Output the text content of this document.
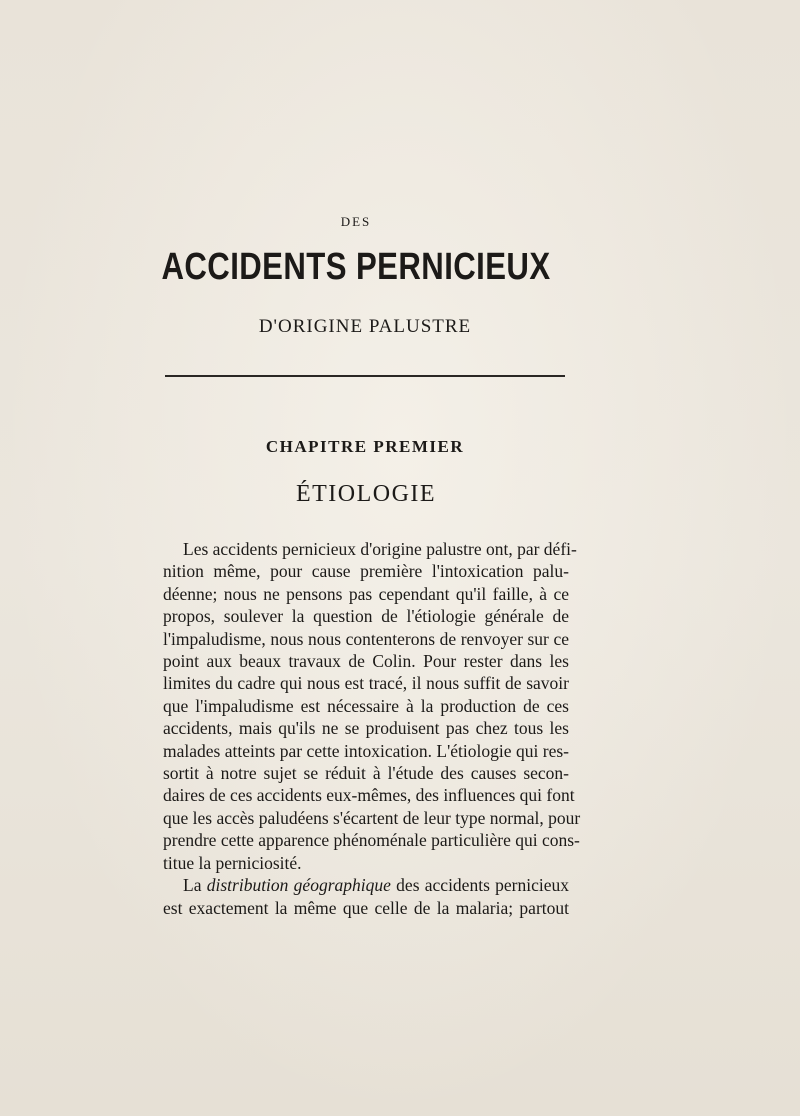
DES
ACCIDENTS PERNICIEUX
D'ORIGINE PALUSTRE
CHAPITRE PREMIER
ÉTIOLOGIE
Les accidents pernicieux d'origine palustre ont, par défi-
nition même, pour cause première l'intoxication palu-
déenne; nous ne pensons pas cependant qu'il faille, à ce
propos, soulever la question de l'étiologie générale de
l'impaludisme, nous nous contenterons de renvoyer sur ce
point aux beaux travaux de Colin. Pour rester dans les
limites du cadre qui nous est tracé, il nous suffit de savoir
que l'impaludisme est nécessaire à la production de ces
accidents, mais qu'ils ne se produisent pas chez tous les
malades atteints par cette intoxication. L'étiologie qui res-
sortit à notre sujet se réduit à l'étude des causes secon-
daires de ces accidents eux-mêmes, des influences qui font
que les accès paludéens s'écartent de leur type normal, pour
prendre cette apparence phénoménale particulière qui cons-
titue la perniciosité.
La distribution géographique des accidents pernicieux
est exactement la même que celle de la malaria; partout
